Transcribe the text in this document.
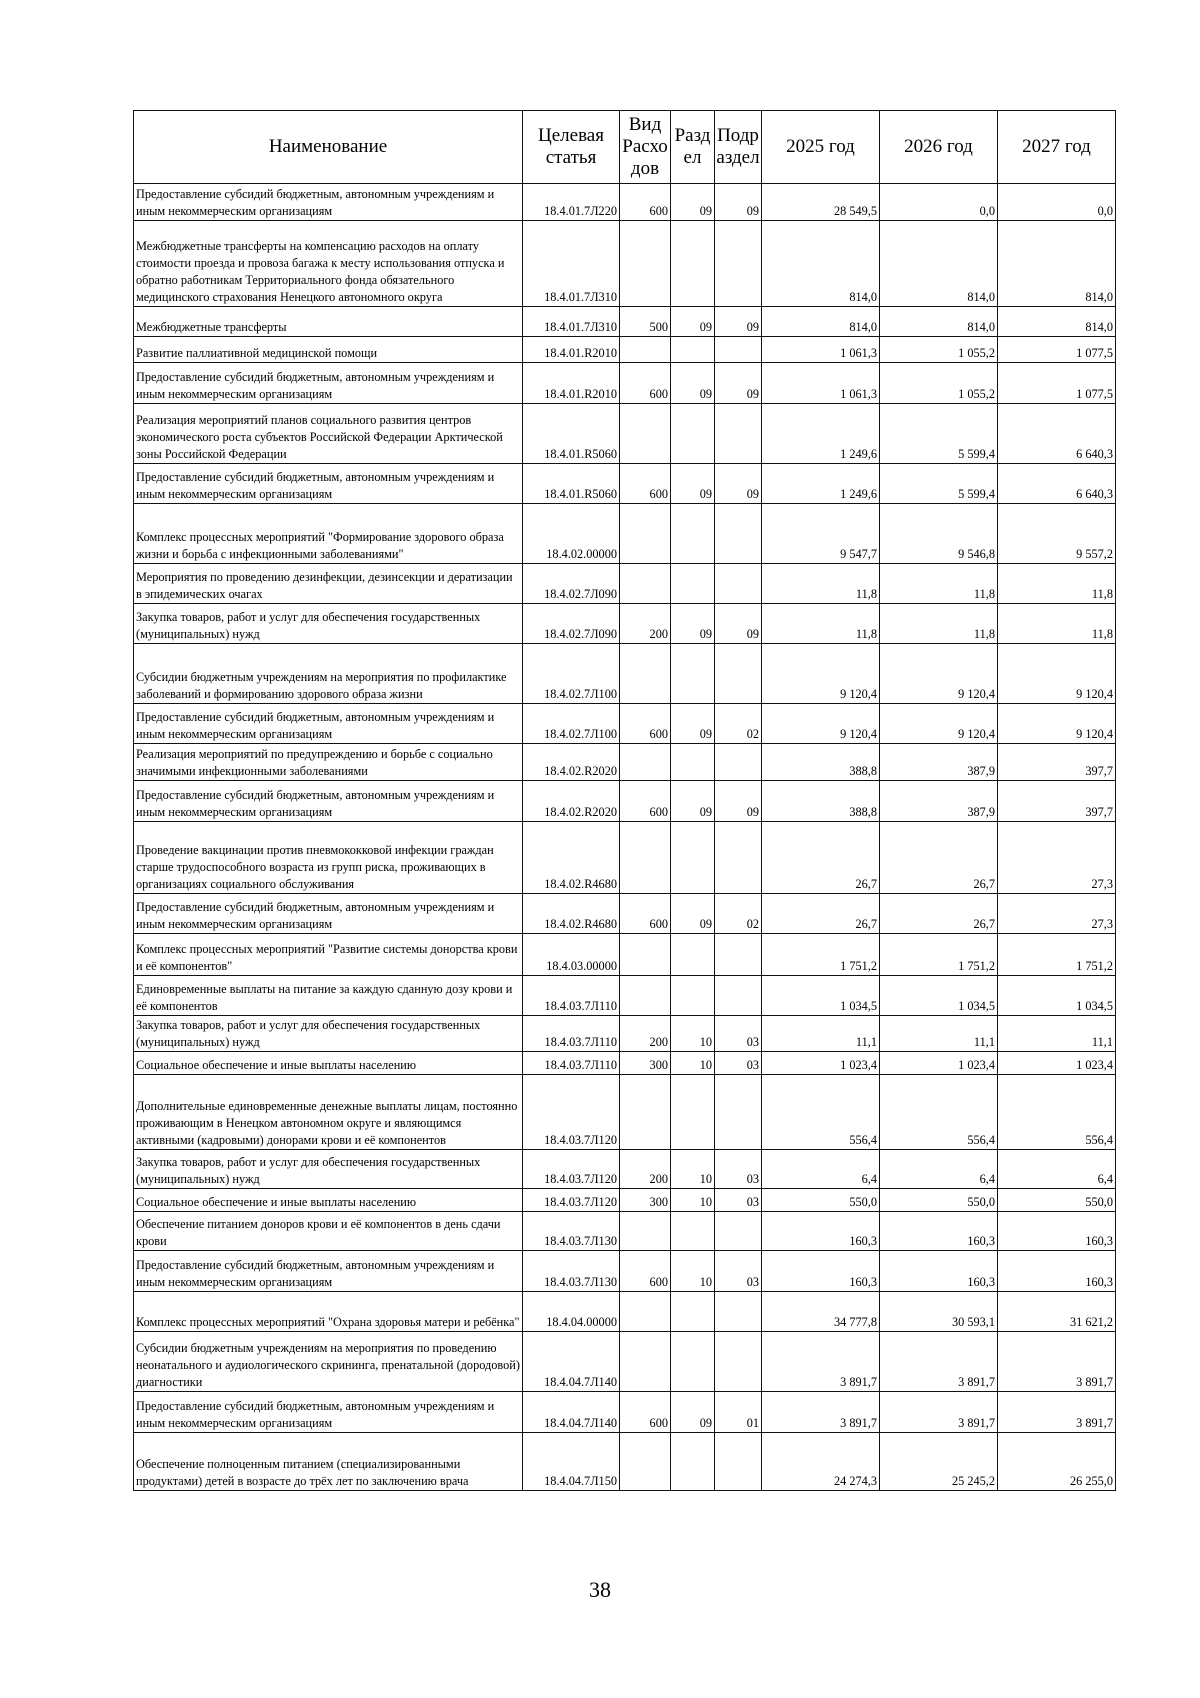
Наименование	Целевая статья	Вид Расхо дов	Разд ел	Подр аздел	2025 год	2026 год	2027 год
Предоставление субсидий бюджетным, автономным учреждениям и иным некоммерческим организациям	18.4.01.7Л220	600	09	09	28 549,5	0,0	0,0
Межбюджетные трансферты на компенсацию расходов на оплату стоимости проезда и провоза багажа к месту использования отпуска и обратно работникам Территориального фонда обязательного медицинского страхования Ненецкого автономного округа	18.4.01.7Л310				814,0	814,0	814,0
Межбюджетные трансферты	18.4.01.7Л310	500	09	09	814,0	814,0	814,0
Развитие паллиативной медицинской помощи	18.4.01.R2010				1 061,3	1 055,2	1 077,5
Предоставление субсидий бюджетным, автономным учреждениям и иным некоммерческим организациям	18.4.01.R2010	600	09	09	1 061,3	1 055,2	1 077,5
Реализация мероприятий планов социального развития центров экономического роста субъектов Российской Федерации Арктической зоны Российской Федерации	18.4.01.R5060				1 249,6	5 599,4	6 640,3
Предоставление субсидий бюджетным, автономным учреждениям и иным некоммерческим организациям	18.4.01.R5060	600	09	09	1 249,6	5 599,4	6 640,3
Комплекс процессных мероприятий "Формирование здорового образа жизни и борьба с инфекционными заболеваниями"	18.4.02.00000				9 547,7	9 546,8	9 557,2
Мероприятия по проведению дезинфекции, дезинсекции и дератизации в эпидемических очагах	18.4.02.7Л090				11,8	11,8	11,8
Закупка товаров, работ и услуг для обеспечения государственных (муниципальных) нужд	18.4.02.7Л090	200	09	09	11,8	11,8	11,8
Субсидии бюджетным учреждениям на мероприятия по профилактике заболеваний и формированию здорового образа жизни	18.4.02.7Л100				9 120,4	9 120,4	9 120,4
Предоставление субсидий бюджетным, автономным учреждениям и иным некоммерческим организациям	18.4.02.7Л100	600	09	02	9 120,4	9 120,4	9 120,4
Реализация мероприятий по предупреждению и борьбе с социально значимыми инфекционными заболеваниями	18.4.02.R2020				388,8	387,9	397,7
Предоставление субсидий бюджетным, автономным учреждениям и иным некоммерческим организациям	18.4.02.R2020	600	09	09	388,8	387,9	397,7
Проведение вакцинации против пневмококковой инфекции граждан старше трудоспособного возраста из групп риска, проживающих в организациях социального обслуживания	18.4.02.R4680				26,7	26,7	27,3
Предоставление субсидий бюджетным, автономным учреждениям и иным некоммерческим организациям	18.4.02.R4680	600	09	02	26,7	26,7	27,3
Комплекс процессных мероприятий "Развитие системы донорства крови и её компонентов"	18.4.03.00000				1 751,2	1 751,2	1 751,2
Единовременные выплаты на питание за каждую сданную дозу крови и её компонентов	18.4.03.7Л110				1 034,5	1 034,5	1 034,5
Закупка товаров, работ и услуг для обеспечения государственных (муниципальных) нужд	18.4.03.7Л110	200	10	03	11,1	11,1	11,1
Социальное обеспечение и иные выплаты населению	18.4.03.7Л110	300	10	03	1 023,4	1 023,4	1 023,4
Дополнительные единовременные денежные выплаты лицам, постоянно проживающим в Ненецком автономном округе и являющимся активными (кадровыми) донорами крови и её компонентов	18.4.03.7Л120				556,4	556,4	556,4
Закупка товаров, работ и услуг для обеспечения государственных (муниципальных) нужд	18.4.03.7Л120	200	10	03	6,4	6,4	6,4
Социальное обеспечение и иные выплаты населению	18.4.03.7Л120	300	10	03	550,0	550,0	550,0
Обеспечение питанием доноров крови и её компонентов в день сдачи крови	18.4.03.7Л130				160,3	160,3	160,3
Предоставление субсидий бюджетным, автономным учреждениям и иным некоммерческим организациям	18.4.03.7Л130	600	10	03	160,3	160,3	160,3
Комплекс процессных мероприятий "Охрана здоровья матери и ребёнка"	18.4.04.00000				34 777,8	30 593,1	31 621,2
Субсидии бюджетным учреждениям на мероприятия по проведению неонатального и аудиологического скрининга, пренатальной (дородовой) диагностики	18.4.04.7Л140				3 891,7	3 891,7	3 891,7
Предоставление субсидий бюджетным, автономным учреждениям и иным некоммерческим организациям	18.4.04.7Л140	600	09	01	3 891,7	3 891,7	3 891,7
Обеспечение полноценным питанием (специализированными продуктами) детей в возрасте до трёх лет по заключению врача	18.4.04.7Л150				24 274,3	25 245,2	26 255,0
38
